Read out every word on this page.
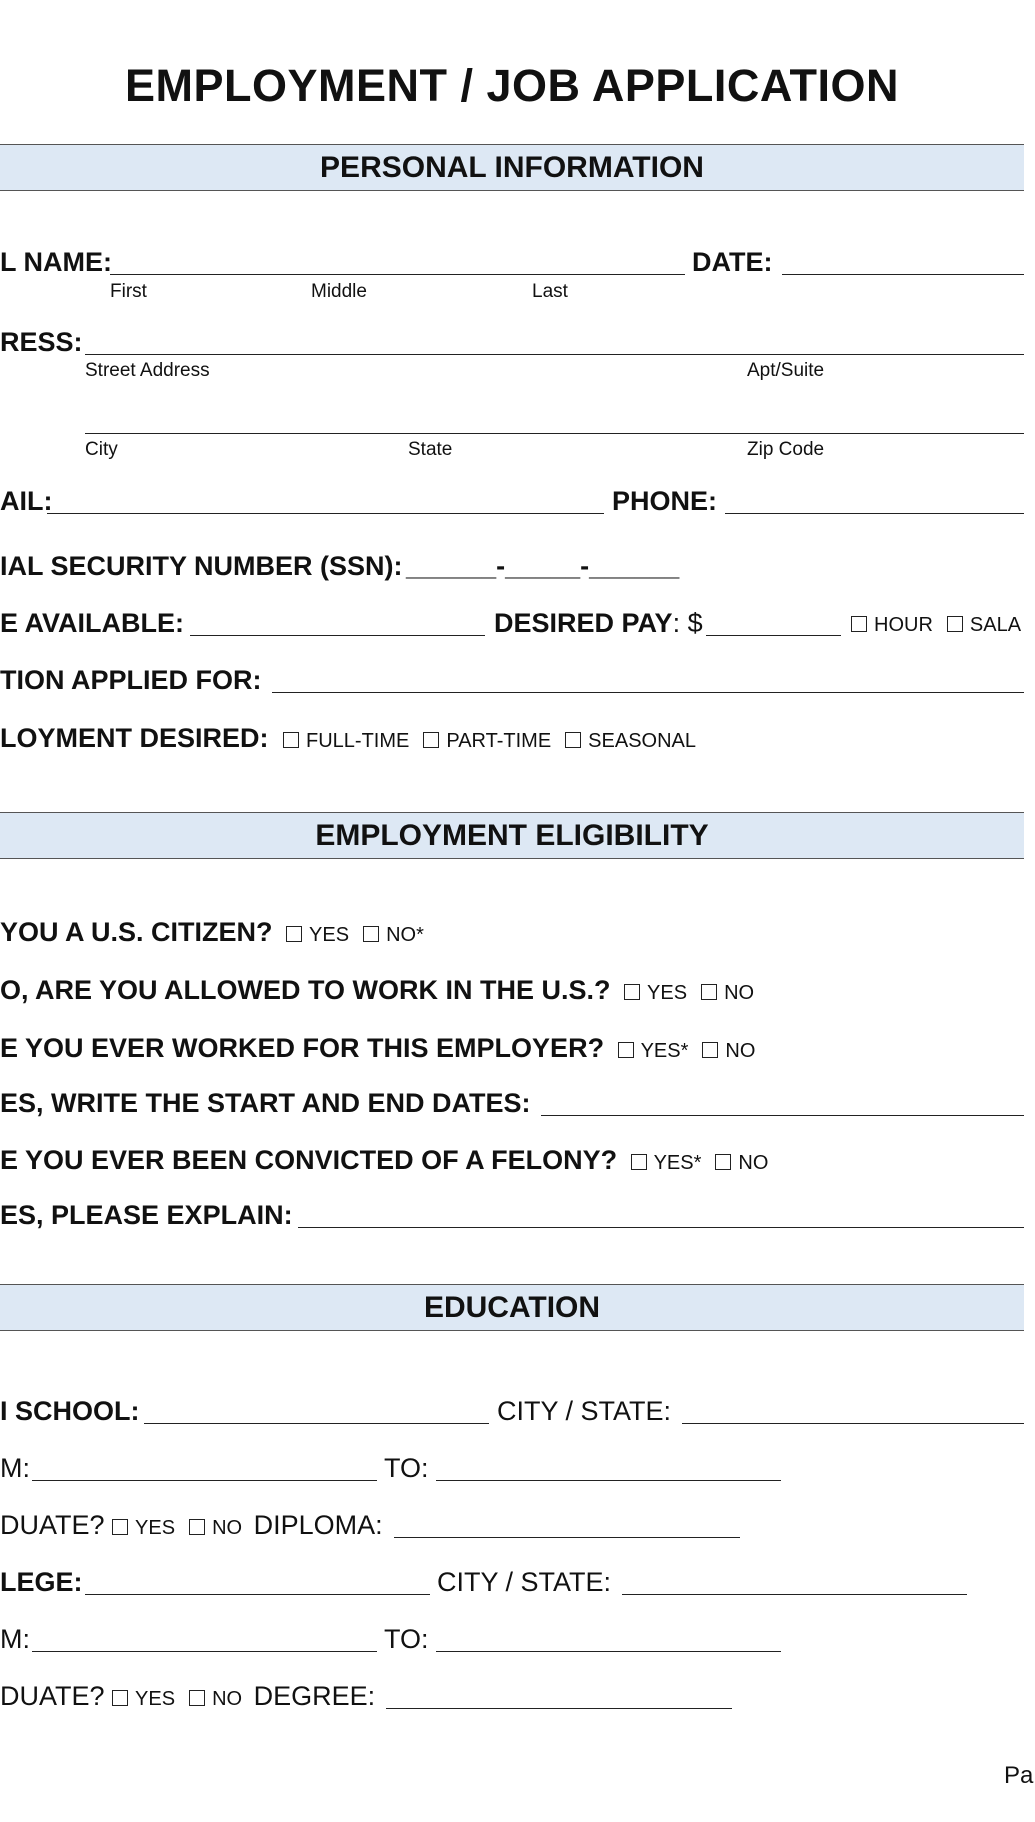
EMPLOYMENT / JOB APPLICATION
PERSONAL INFORMATION
L NAME:	DATE:
First	Middle	Last
RESS:
Street Address	Apt/Suite
City	State	Zip Code
AIL:	PHONE:
IAL SECURITY NUMBER (SSN): ______-_____-______
E AVAILABLE:	DESIRED PAY: $	HOUR SALA
TION APPLIED FOR:
LOYMENT DESIRED:	FULL-TIME PART-TIME SEASONAL
EMPLOYMENT ELIGIBILITY
YOU A U.S. CITIZEN? YES NO*
O, ARE YOU ALLOWED TO WORK IN THE U.S.? YES NO
E YOU EVER WORKED FOR THIS EMPLOYER? YES* NO
ES, WRITE THE START AND END DATES:
E YOU EVER BEEN CONVICTED OF A FELONY? YES* NO
ES, PLEASE EXPLAIN:
EDUCATION
I SCHOOL:	CITY / STATE:
M:	TO:
DUATE? YES NO DIPLOMA:
LEGE:	CITY / STATE:
M:	TO:
DUATE? YES NO DEGREE:
Pa
